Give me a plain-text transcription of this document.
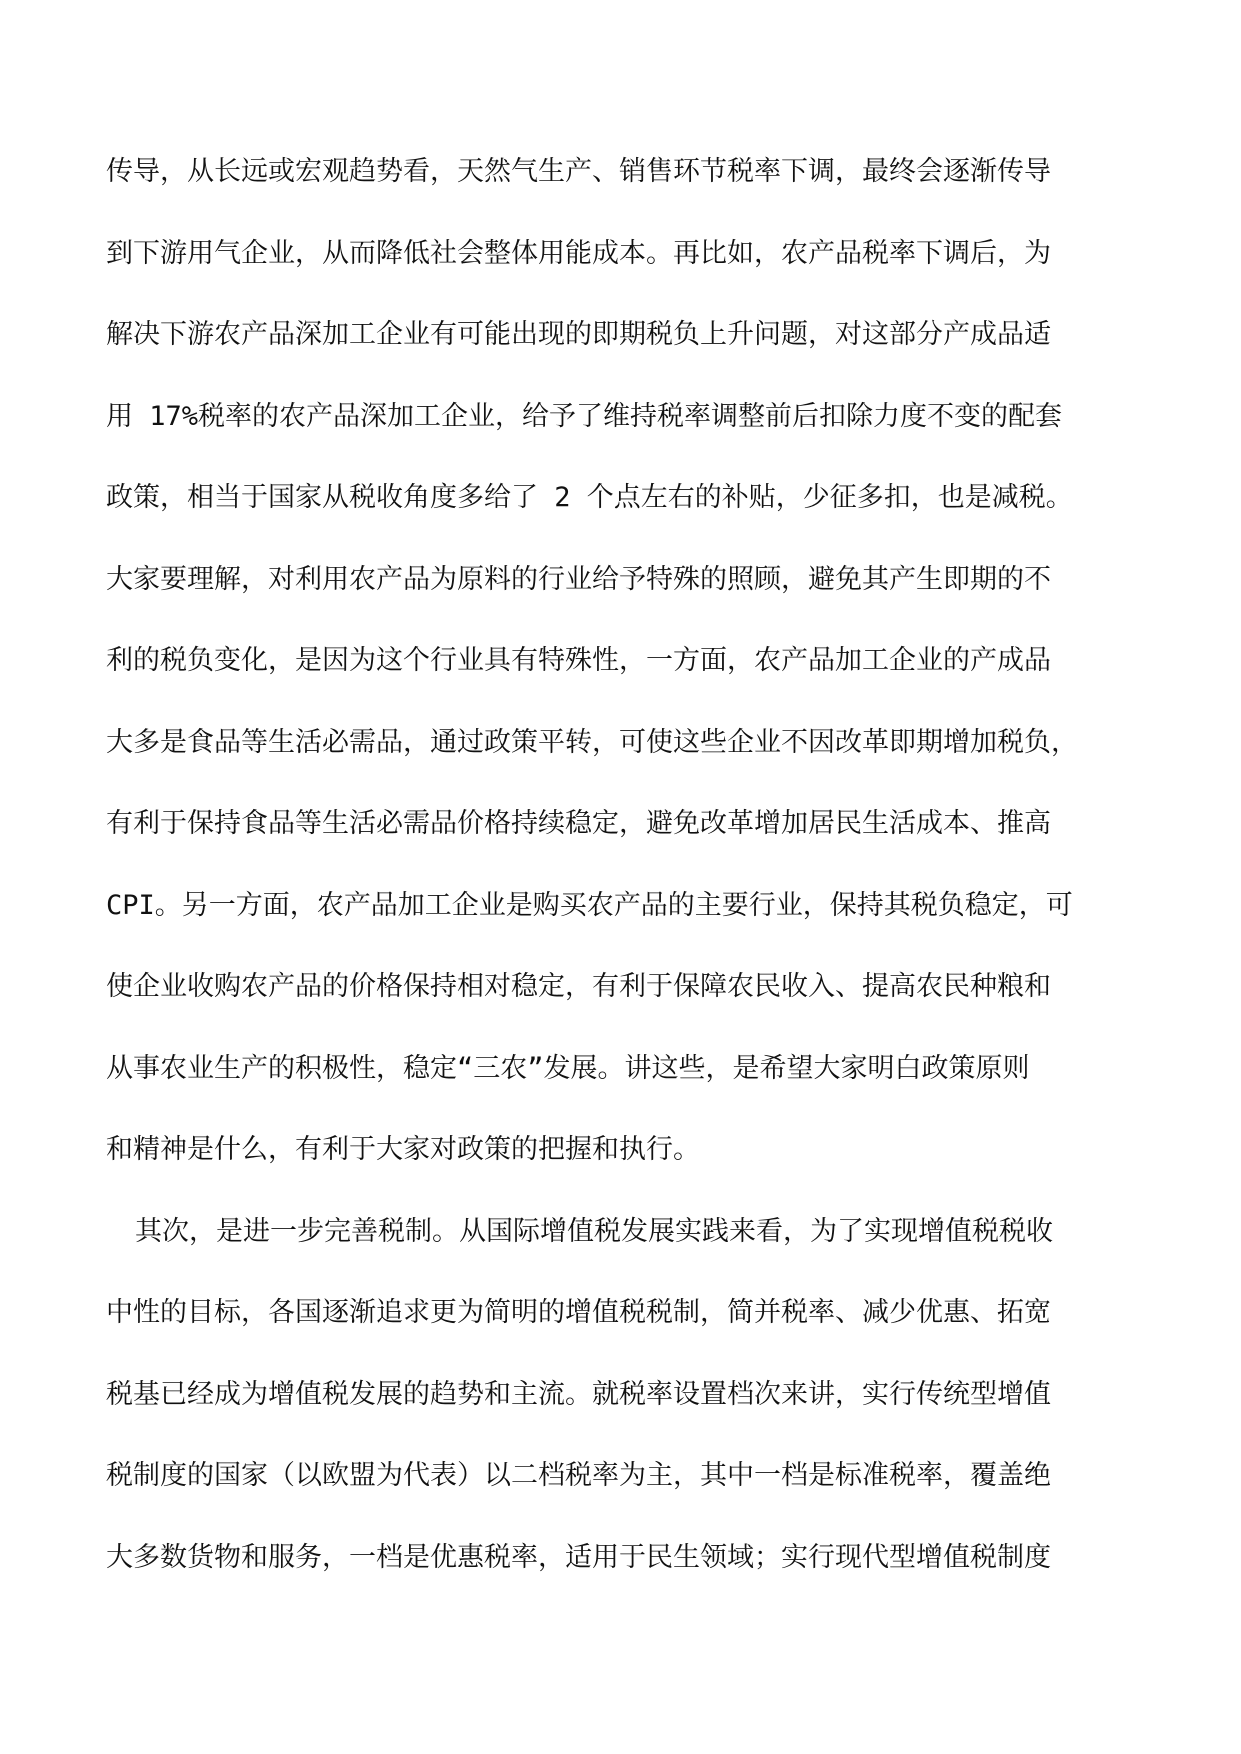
传导，从长远或宏观趋势看，天然气生产、销售环节税率下调，最终会逐渐传导
到下游用气企业，从而降低社会整体用能成本。再比如，农产品税率下调后，为
解决下游农产品深加工企业有可能出现的即期税负上升问题，对这部分产成品适
用 17%税率的农产品深加工企业，给予了维持税率调整前后扣除力度不变的配套
政策，相当于国家从税收角度多给了 2 个点左右的补贴，少征多扣，也是减税。
大家要理解，对利用农产品为原料的行业给予特殊的照顾，避免其产生即期的不
利的税负变化，是因为这个行业具有特殊性，一方面，农产品加工企业的产成品
大多是食品等生活必需品，通过政策平转，可使这些企业不因改革即期增加税负，
有利于保持食品等生活必需品价格持续稳定，避免改革增加居民生活成本、推高
CPI。另一方面，农产品加工企业是购买农产品的主要行业，保持其税负稳定，可
使企业收购农产品的价格保持相对稳定，有利于保障农民收入、提高农民种粮和
从事农业生产的积极性，稳定“三农”发展。讲这些，是希望大家明白政策原则
和精神是什么，有利于大家对政策的把握和执行。
其次，是进一步完善税制。从国际增值税发展实践来看，为了实现增值税税收
中性的目标，各国逐渐追求更为简明的增值税税制，简并税率、减少优惠、拓宽
税基已经成为增值税发展的趋势和主流。就税率设置档次来讲，实行传统型增值
税制度的国家（以欧盟为代表）以二档税率为主，其中一档是标准税率，覆盖绝
大多数货物和服务，一档是优惠税率，适用于民生领域；实行现代型增值税制度
